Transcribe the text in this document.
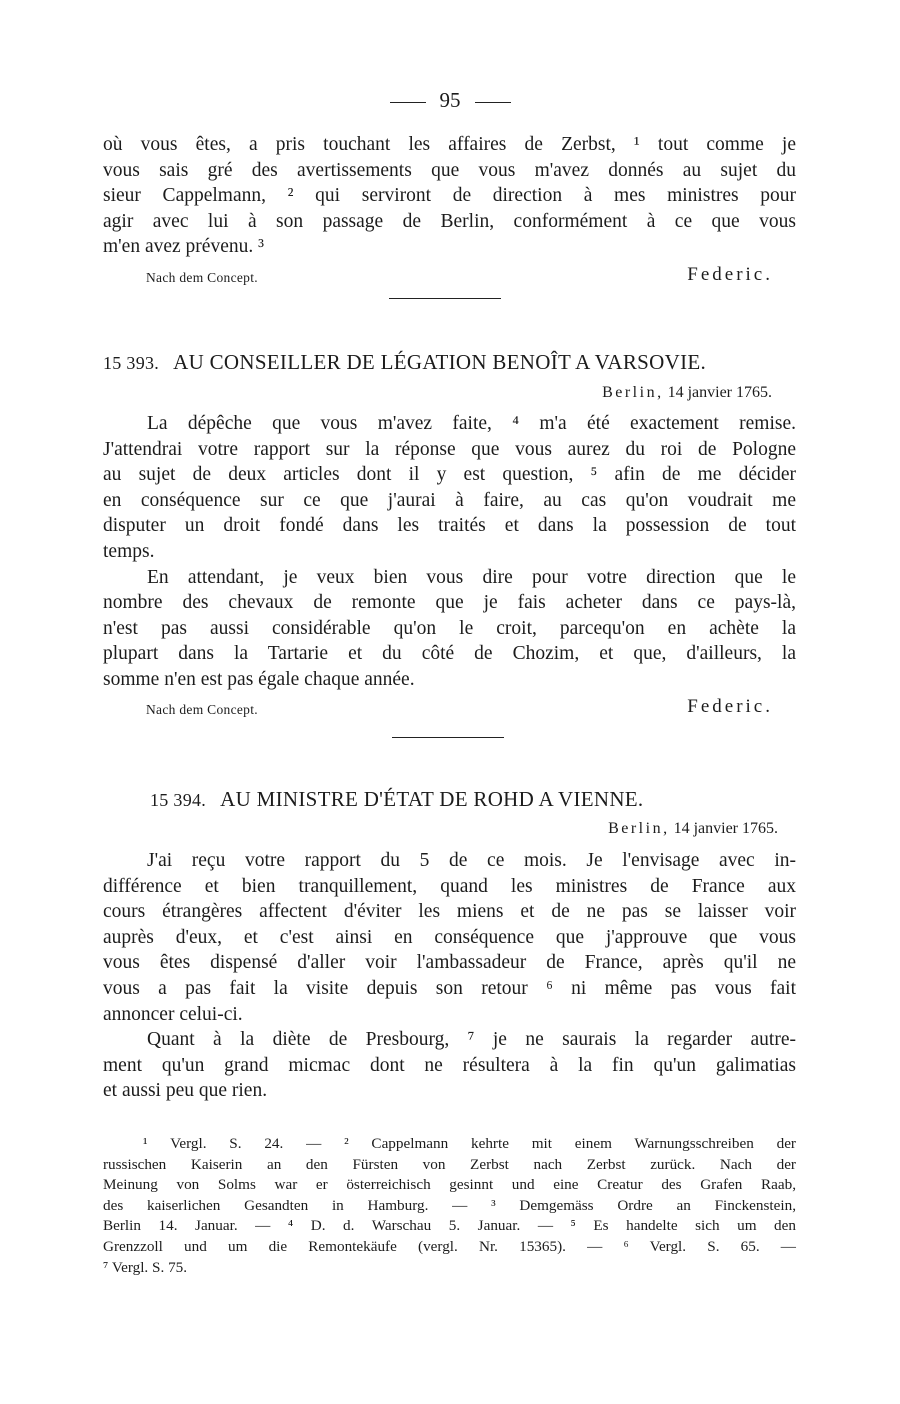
95
où vous êtes, a pris touchant les affaires de Zerbst, ¹ tout comme je
vous sais gré des avertissements que vous m'avez donnés au sujet du
sieur Cappelmann, ² qui serviront de direction à mes ministres pour
agir avec lui à son passage de Berlin, conformément à ce que vous
m'en avez prévenu. ³
Nach dem Concept.	Federic.
15 393. AU CONSEILLER DE LÉGATION BENOÎT A VARSOVIE.
Berlin, 14 janvier 1765.
La dépêche que vous m'avez faite, ⁴ m'a été exactement remise.
J'attendrai votre rapport sur la réponse que vous aurez du roi de Pologne
au sujet de deux articles dont il y est question, ⁵ afin de me décider
en conséquence sur ce que j'aurai à faire, au cas qu'on voudrait me
disputer un droit fondé dans les traités et dans la possession de tout
temps.
En attendant, je veux bien vous dire pour votre direction que le
nombre des chevaux de remonte que je fais acheter dans ce pays-là,
n'est pas aussi considérable qu'on le croit, parcequ'on en achète la
plupart dans la Tartarie et du côté de Chozim, et que, d'ailleurs, la
somme n'en est pas égale chaque année.
Nach dem Concept.	Federic.
15 394. AU MINISTRE D'ÉTAT DE ROHD A VIENNE.
Berlin, 14 janvier 1765.
J'ai reçu votre rapport du 5 de ce mois. Je l'envisage avec in-
différence et bien tranquillement, quand les ministres de France aux
cours étrangères affectent d'éviter les miens et de ne pas se laisser voir
auprès d'eux, et c'est ainsi en conséquence que j'approuve que vous
vous êtes dispensé d'aller voir l'ambassadeur de France, après qu'il ne
vous a pas fait la visite depuis son retour ⁶ ni même pas vous fait
annoncer celui-ci.
Quant à la diète de Presbourg, ⁷ je ne saurais la regarder autre-
ment qu'un grand micmac dont ne résultera à la fin qu'un galimatias
et aussi peu que rien.
¹ Vergl. S. 24. — ² Cappelmann kehrte mit einem Warnungsschreiben der
russischen Kaiserin an den Fürsten von Zerbst nach Zerbst zurück. Nach der
Meinung von Solms war er österreichisch gesinnt und eine Creatur des Grafen Raab,
des kaiserlichen Gesandten in Hamburg. — ³ Demgemäss Ordre an Finckenstein,
Berlin 14. Januar. — ⁴ D. d. Warschau 5. Januar. — ⁵ Es handelte sich um den
Grenzzoll und um die Remontekäufe (vergl. Nr. 15365). — ⁶ Vergl. S. 65. —
⁷ Vergl. S. 75.
